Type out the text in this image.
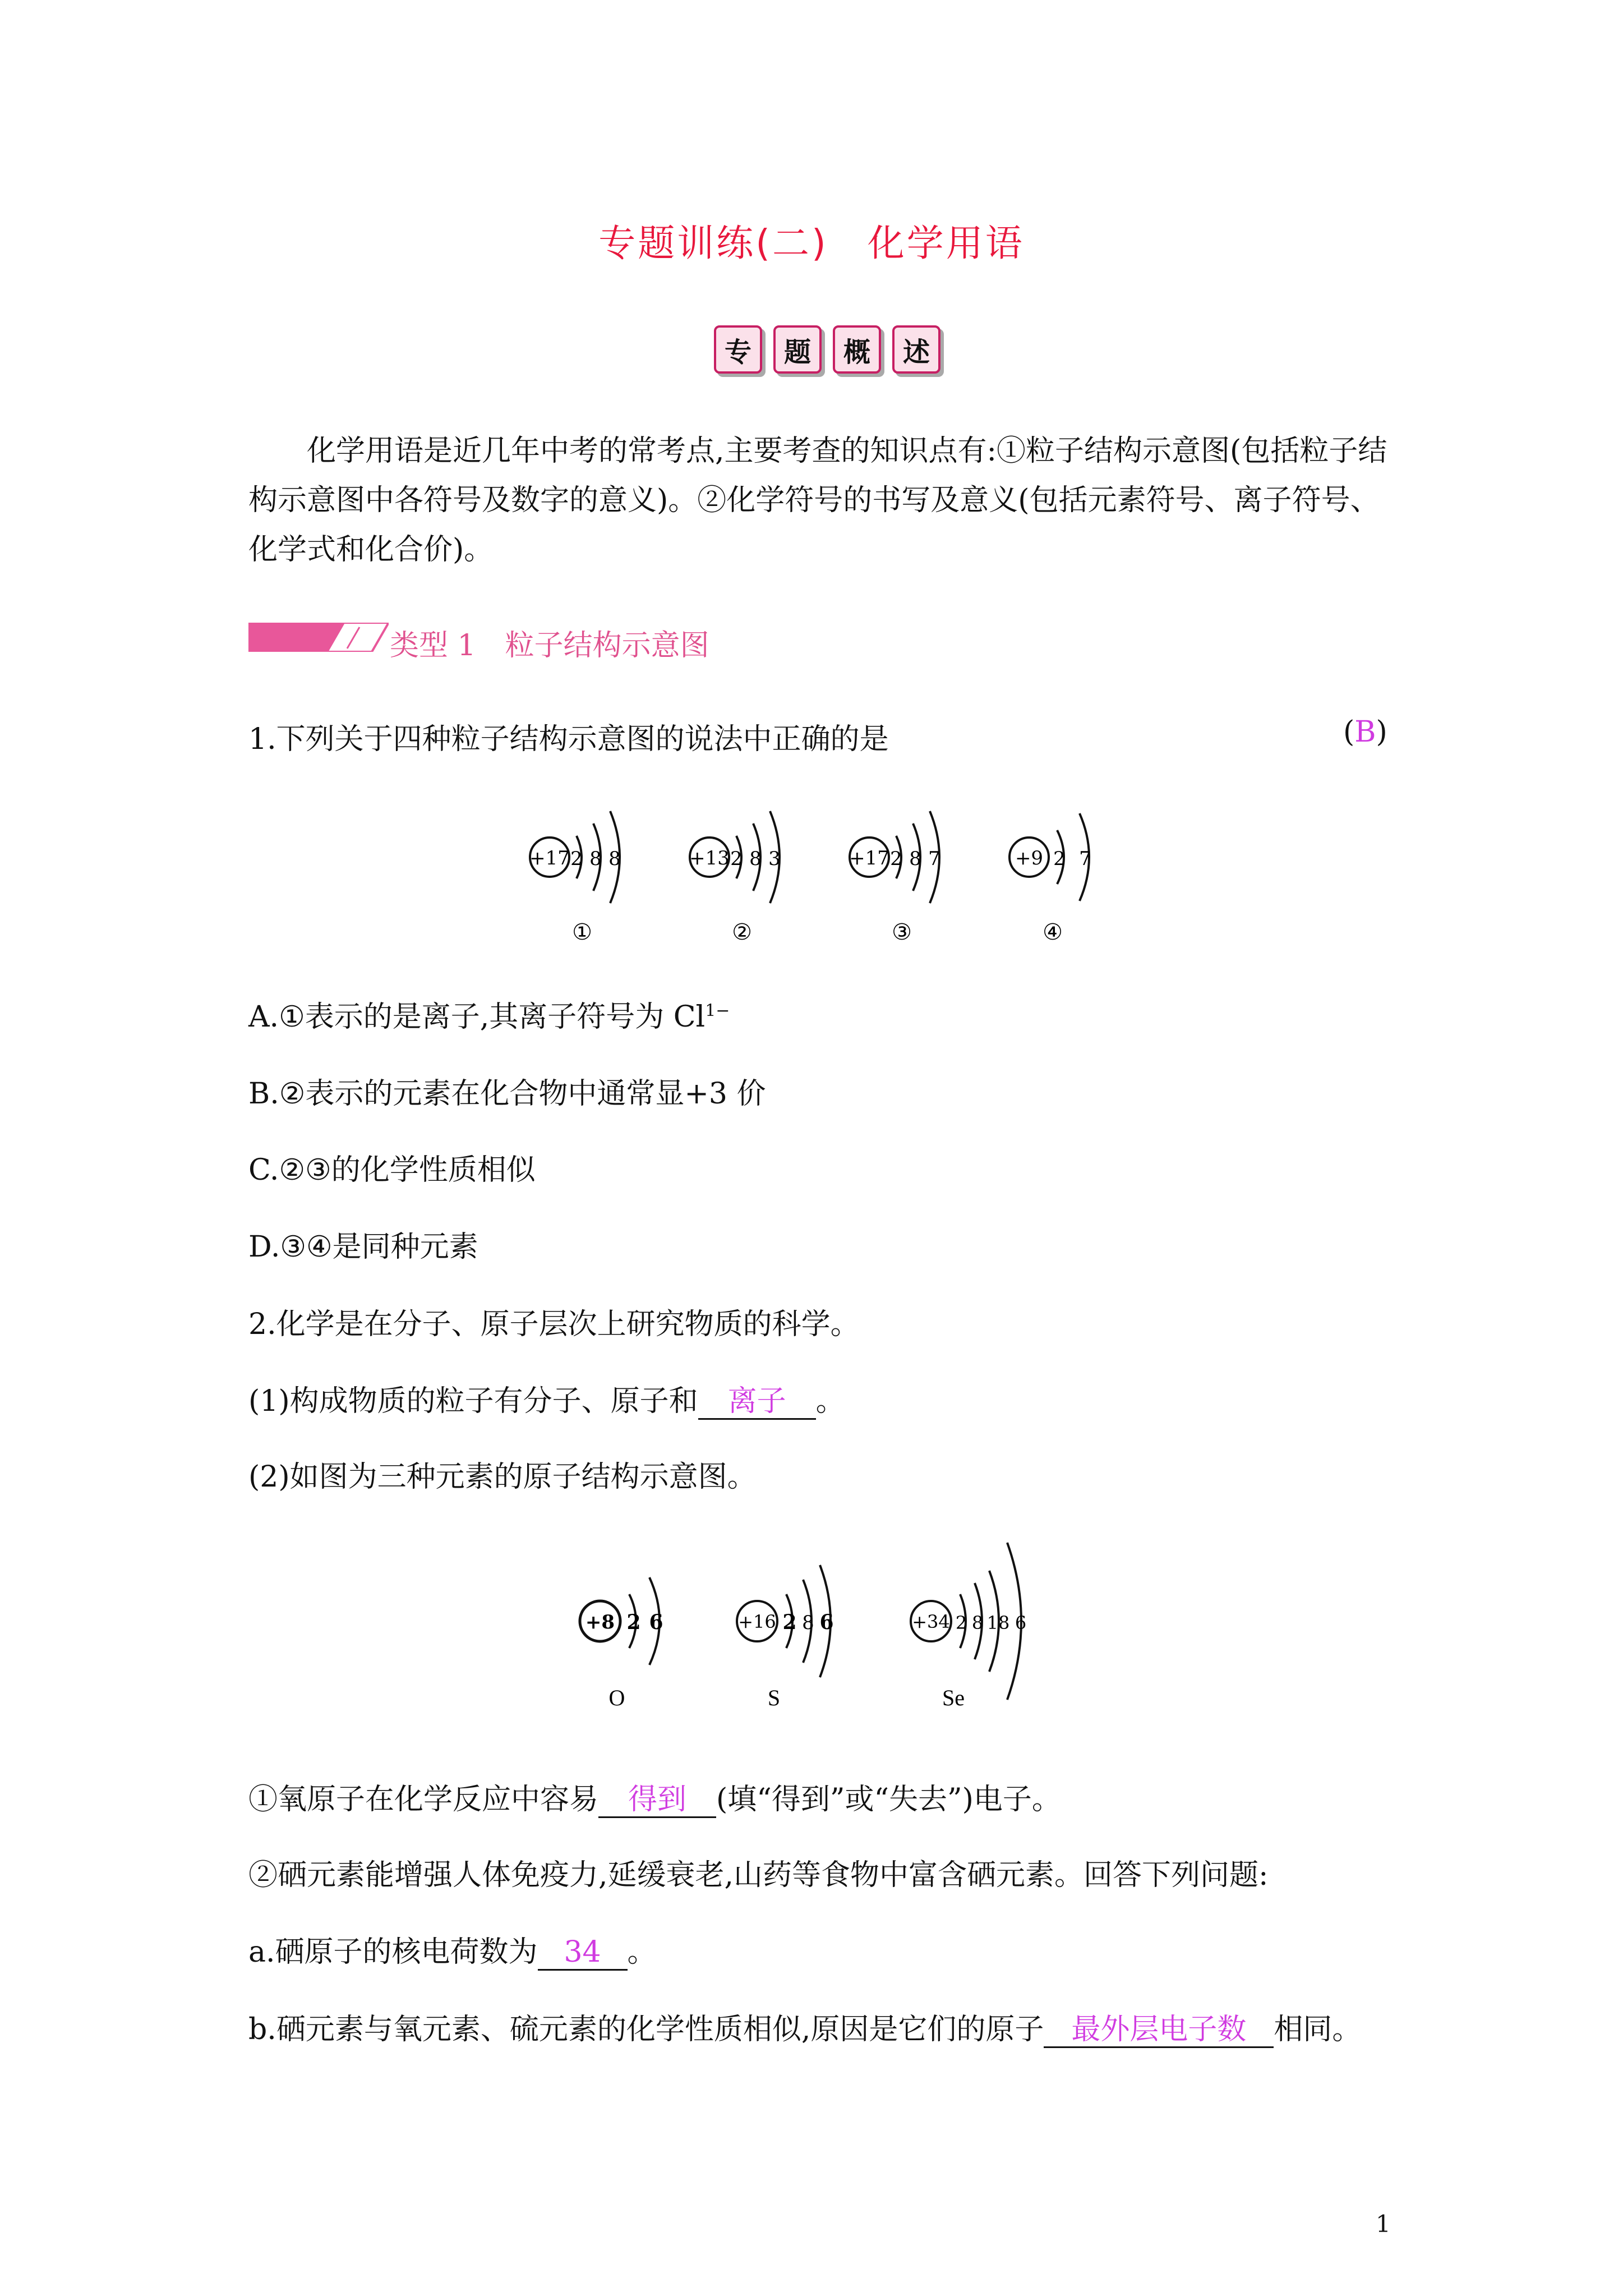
专题训练(二)　化学用语
专	题	概	述

化学用语是近几年中考的常考点,主要考查的知识点有:①粒子结构示意图(包括粒子结构示意图中各符号及数字的意义)。②化学符号的书写及意义(包括元素符号、离子符号、化学式和化合价)。

类型 1　粒子结构示意图
1.下列关于四种粒子结构示意图的说法中正确的是	(B)
+17 2 8 8
①
+13 2 8 3
②
+17 2 8 7
③
+9 2 7
④
A.①表示的是离子,其离子符号为 $Cl^{1-}$
B.②表示的元素在化合物中通常显+3 价
C.②③的化学性质相似
D.③④是同种元素
2.化学是在分子、原子层次上研究物质的科学。
(1)构成物质的粒子有分子、原子和 离子 。
(2)如图为三种元素的原子结构示意图。
+8 2 6
O
+16 2 8 6
S
+34 2 8 18 6
Se
①氧原子在化学反应中容易 得到 (填“得到”或“失去”)电子。
②硒元素能增强人体免疫力,延缓衰老,山药等食物中富含硒元素。回答下列问题:
a.硒原子的核电荷数为 34 。
b.硒元素与氧元素、硫元素的化学性质相似,原因是它们的原子 最外层电子数 相同。
1
